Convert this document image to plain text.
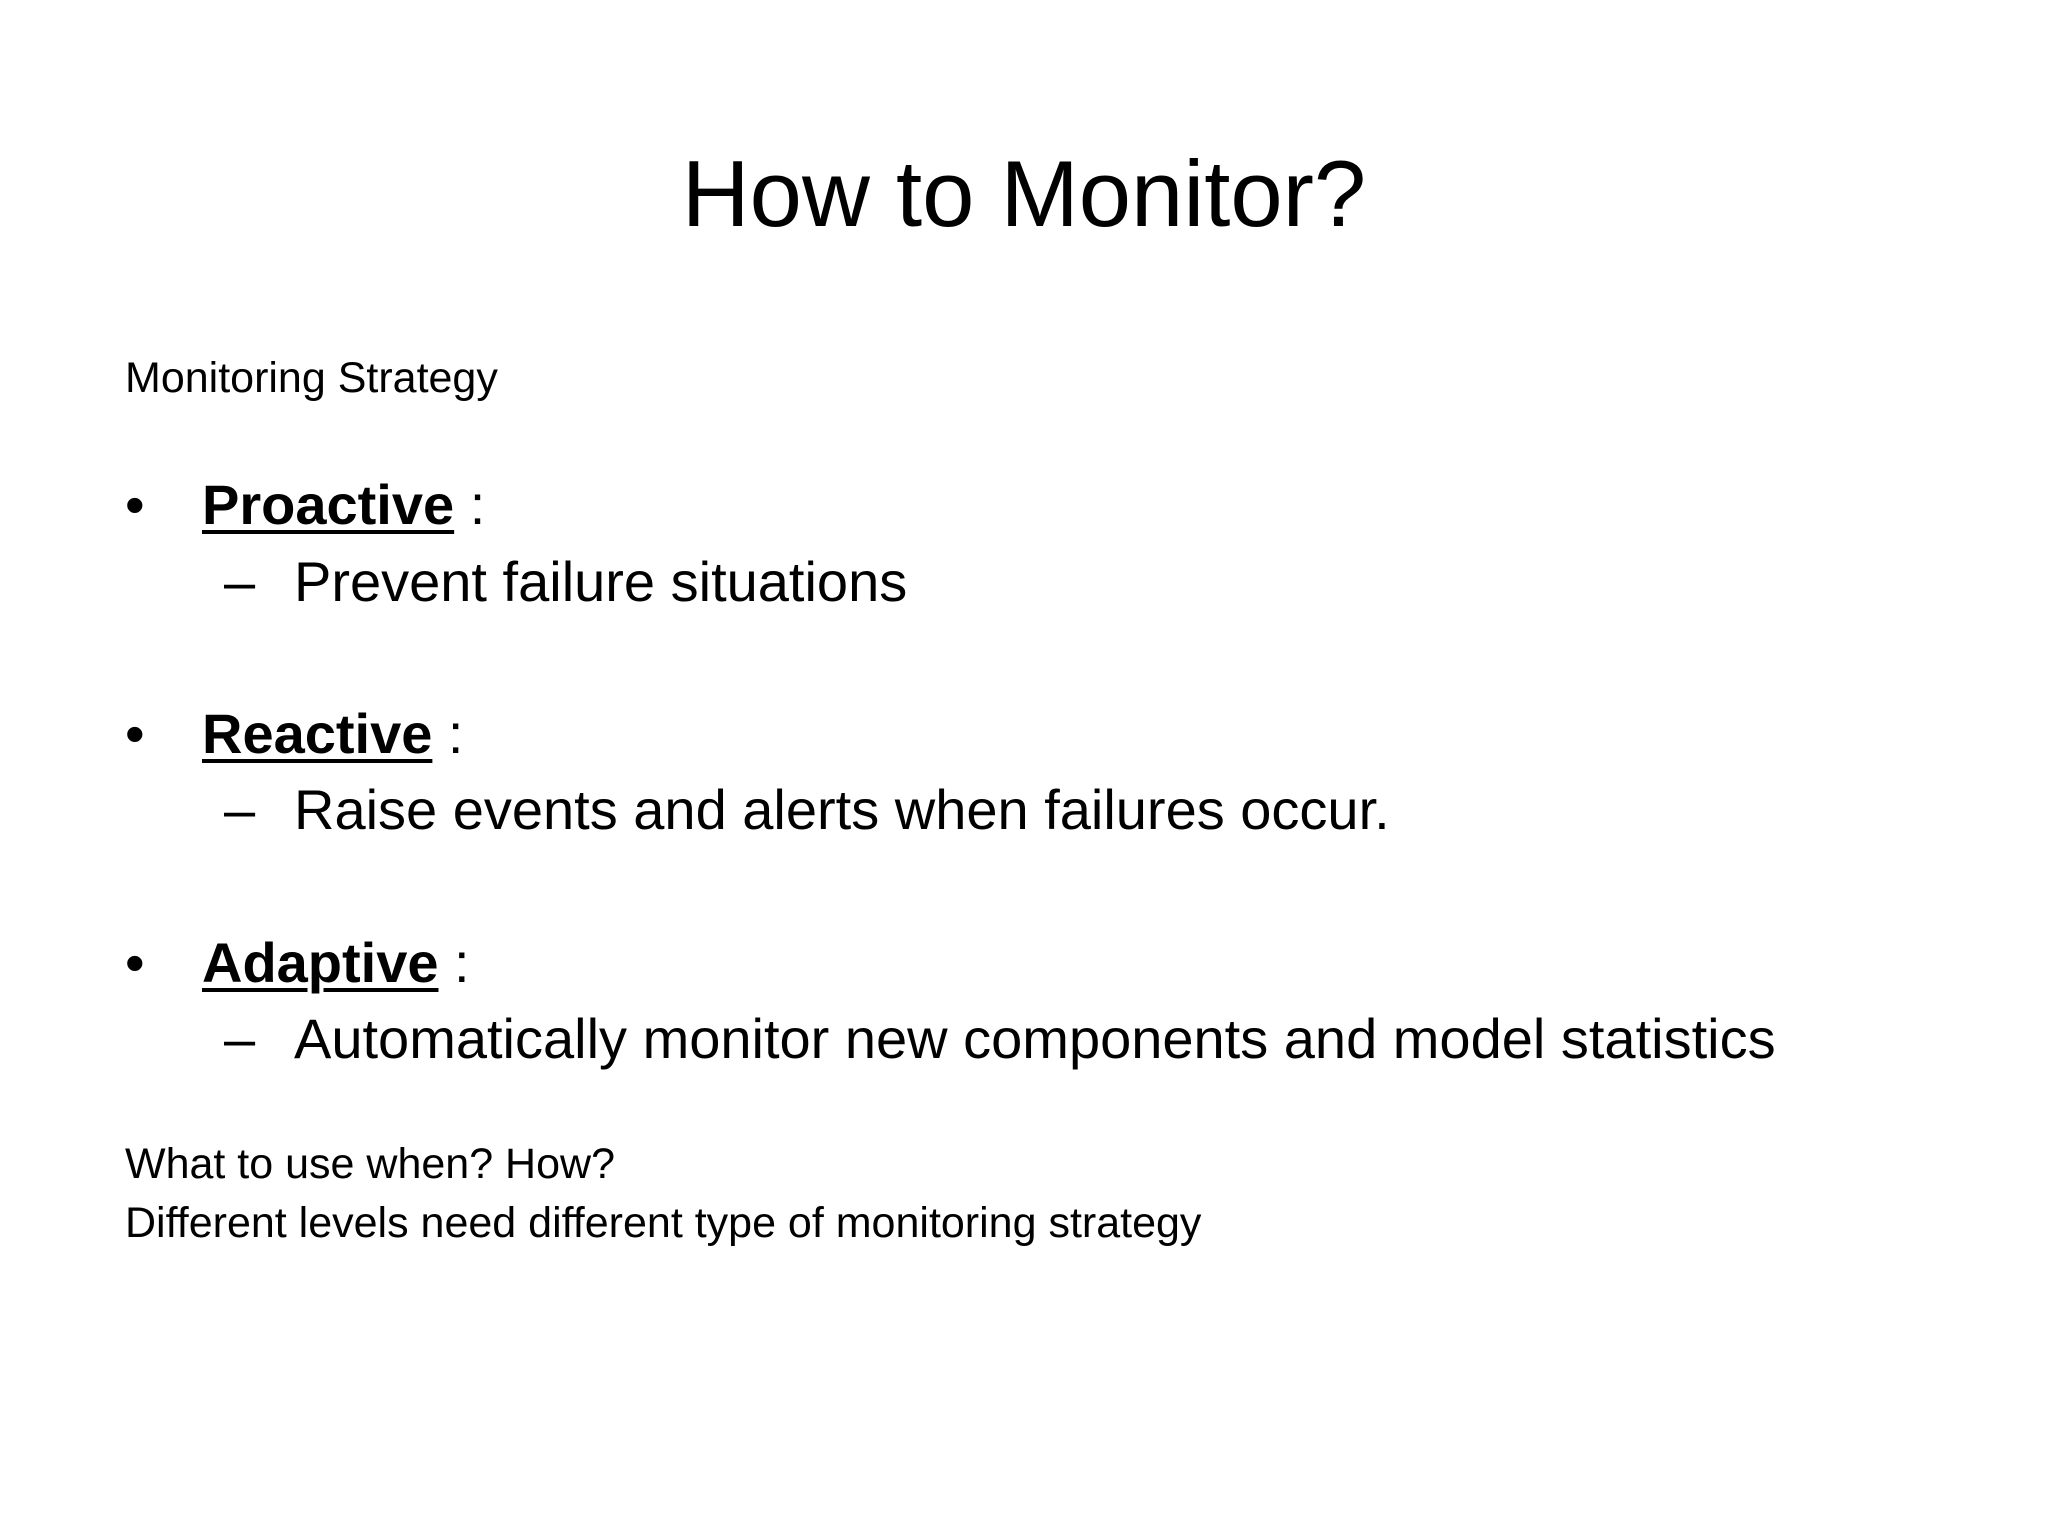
How to Monitor?
Monitoring Strategy
•	Proactive :
– Prevent failure situations
•	Reactive :
– Raise events and alerts when failures occur.
•	Adaptive :
– Automatically monitor new components and model statistics
What to use when? How?
Different levels need different type of monitoring strategy
